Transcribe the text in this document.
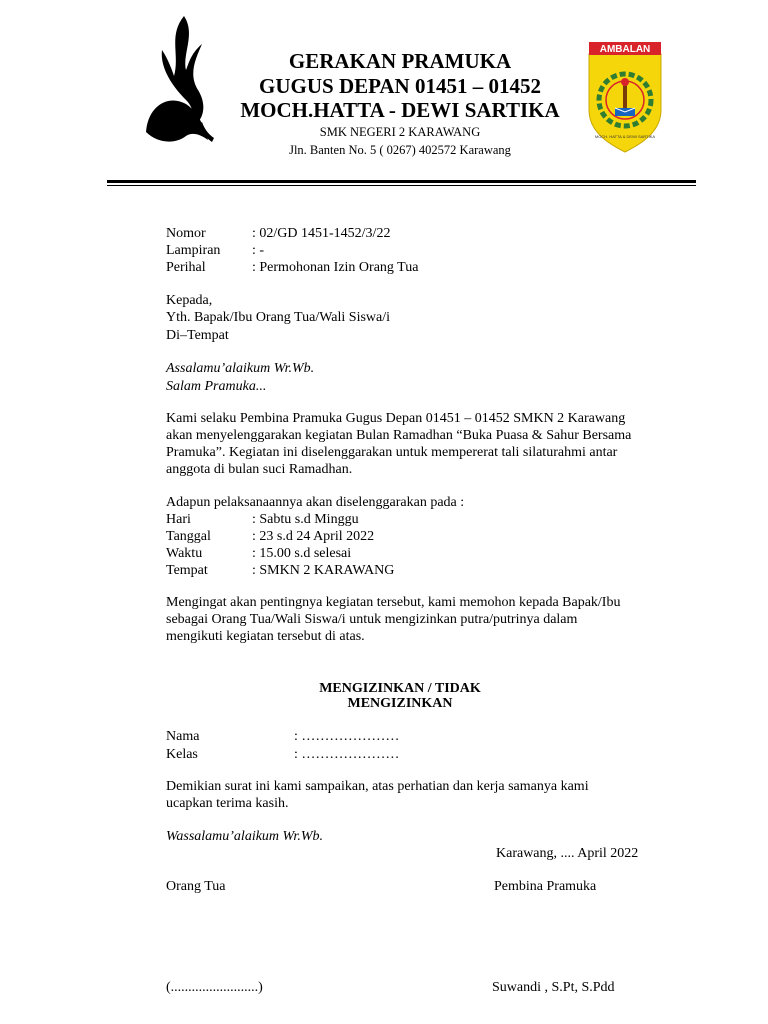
GERAKAN PRAMUKA
GUGUS DEPAN 01451 – 01452
MOCH.HATTA - DEWI SARTIKA
SMK NEGERI 2 KARAWANG
Jln. Banten No. 5 ( 0267) 402572 Karawang
AMBALAN
MOCH. HATTA & DEWI SARTIKA
Nomor	: 02/GD 1451-1452/3/22
Lampiran : -
Perihal	: Permohonan Izin Orang Tua
Kepada,
Yth. Bapak/Ibu Orang Tua/Wali Siswa/i
Di–Tempat
Assalamu’alaikum Wr.Wb.
Salam Pramuka...
Kami selaku Pembina Pramuka Gugus Depan 01451 – 01452 SMKN 2 Karawang
akan menyelenggarakan kegiatan Bulan Ramadhan “Buka Puasa & Sahur Bersama
Pramuka”. Kegiatan ini diselenggarakan untuk mempererat tali silaturahmi antar
anggota di bulan suci Ramadhan.
Adapun pelaksanaannya akan diselenggarakan pada :
Hari	: Sabtu s.d Minggu
Tanggal	: 23 s.d 24 April 2022
Waktu	: 15.00 s.d selesai
Tempat	: SMKN 2 KARAWANG
Mengingat akan pentingnya kegiatan tersebut, kami memohon kepada Bapak/Ibu
sebagai Orang Tua/Wali Siswa/i untuk mengizinkan putra/putrinya dalam
mengikuti kegiatan tersebut di atas.
MENGIZINKAN / TIDAK
MENGIZINKAN
Nama	: …………………
Kelas	: …………………
Demikian surat ini kami sampaikan, atas perhatian dan kerja samanya kami
ucapkan terima kasih.
Wassalamu’alaikum Wr.Wb.
Karawang, .... April 2022
Orang Tua	Pembina Pramuka
(.........................)	Suwandi , S.Pt, S.Pdd
